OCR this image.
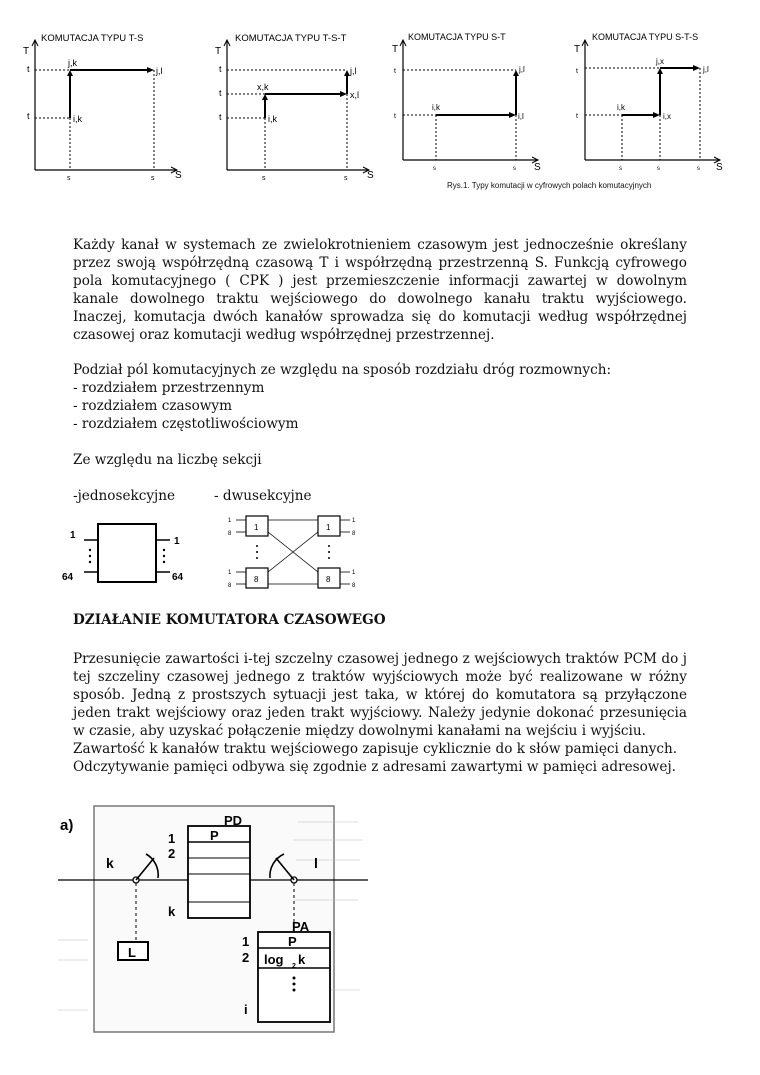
KOMUTACJA TYPU T-S
T
S
t
t
j,k
j,l
i,k
s	s
KOMUTACJA TYPU T-S-T
T
S
t
t
t
j,l
x,k
x,l
i,k
s	s
KOMUTACJA TYPU S-T
T
S
t
t
j,l
i,k
i,l
s	s
KOMUTACJA TYPU S-T-S
T
S
t
t
j,x
j,l
i,k
i,x
s	s	s
Rys.1. Typy komutacji w cyfrowych polach komutacyjnych
Każdy kanał w systemach ze zwielokrotnieniem czasowym jest jednocześnie określany przez swoją współrzędną czasową T i współrzędną przestrzenną S. Funkcją cyfrowego pola komutacyjnego ( CPK ) jest przemieszczenie informacji zawartej w dowolnym kanale dowolnego traktu wejściowego do dowolnego kanału traktu wyjściowego. Inaczej, komutacja dwóch kanałów sprowadza się do komutacji według współrzędnej czasowej oraz komutacji według współrzędnej przestrzennej.
Podział pól komutacyjnych ze względu na sposób rozdziału dróg rozmownych:
- rozdziałem przestrzennym
- rozdziałem czasowym
- rozdziałem częstotliwościowym
Ze względu na liczbę sekcji
-jednosekcyjne	- dwusekcyjne
1
64
1
64
1	1
8	8
1
8
1
8
1
8
1
8
DZIAŁANIE KOMUTATORA CZASOWEGO
Przesunięcie zawartości i-tej szczelny czasowej jednego z wejściowych traktów PCM do j tej szczeliny czasowej jednego z traktów wyjściowych może być realizowane w różny sposób. Jedną z prostszych sytuacji jest taka, w której do komutatora są przyłączone jeden trakt wejściowy oraz jeden trakt wyjściowy. Należy jedynie dokonać przesunięcia w czasie, aby uzyskać połączenie między dowolnymi kanałami na wejściu i wyjściu.
Zawartość k kanałów traktu wejściowego zapisuje cyklicznie do k słów pamięci danych.
Odczytywanie pamięci odbywa się zgodnie z adresami zawartymi w pamięci adresowej.
a)	PD
P
1
2
k
k
L
l
PA
P
1
2 log k
2
i
